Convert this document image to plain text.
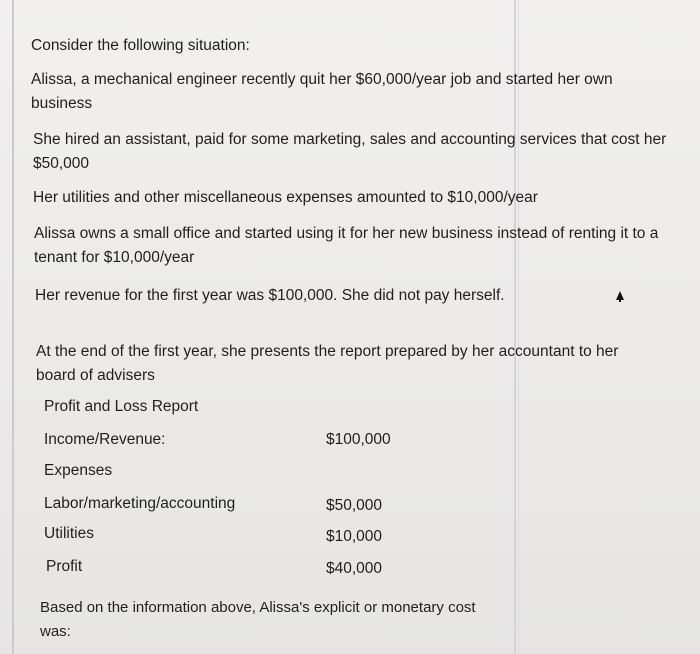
Consider the following situation:
Alissa, a mechanical engineer recently quit her $60,000/year job and started her own business
She hired an assistant, paid for some marketing, sales and accounting services that cost her $50,000
Her utilities and other miscellaneous expenses amounted to $10,000/year
Alissa owns a small office and started using it for her new business instead of renting it to a tenant for $10,000/year
Her revenue for the first year was $100,000. She did not pay herself.
At the end of the first year, she presents the report prepared by her accountant to her board of advisers
Profit and Loss Report
Income/Revenue:	$100,000
Expenses
Labor/marketing/accounting	$50,000
Utilities	$10,000
Profit	$40,000
Based on the information above, Alissa's explicit or monetary cost was:
